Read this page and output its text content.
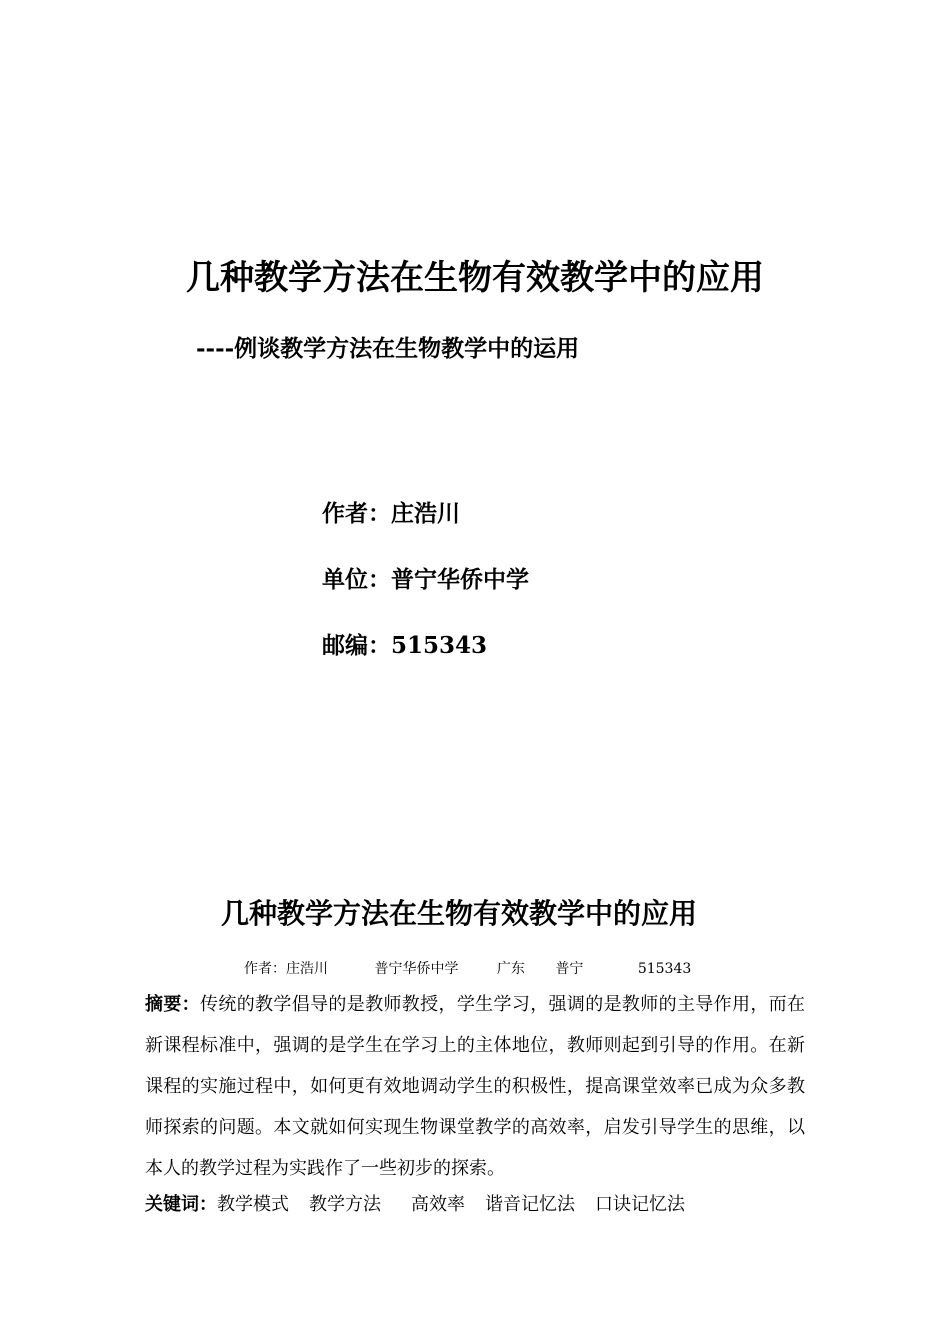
几种教学方法在生物有效教学中的应用
----例谈教学方法在生物教学中的运用
作者：庄浩川
单位：普宁华侨中学
邮编：515343
几种教学方法在生物有效教学中的应用
作者：庄浩川	普宁华侨中学	广东 普宁	515343
摘要：传统的教学倡导的是教师教授，学生学习，强调的是教师的主导作用，而在新课程标准中，强调的是学生在学习上的主体地位，教师则起到引导的作用。在新课程的实施过程中，如何更有效地调动学生的积极性，提高课堂效率已成为众多教师探索的问题。本文就如何实现生物课堂教学的高效率，启发引导学生的思维，以本人的教学过程为实践作了一些初步的探索。
关键词：教学模式 教学方法 高效率 谐音记忆法 口诀记忆法
